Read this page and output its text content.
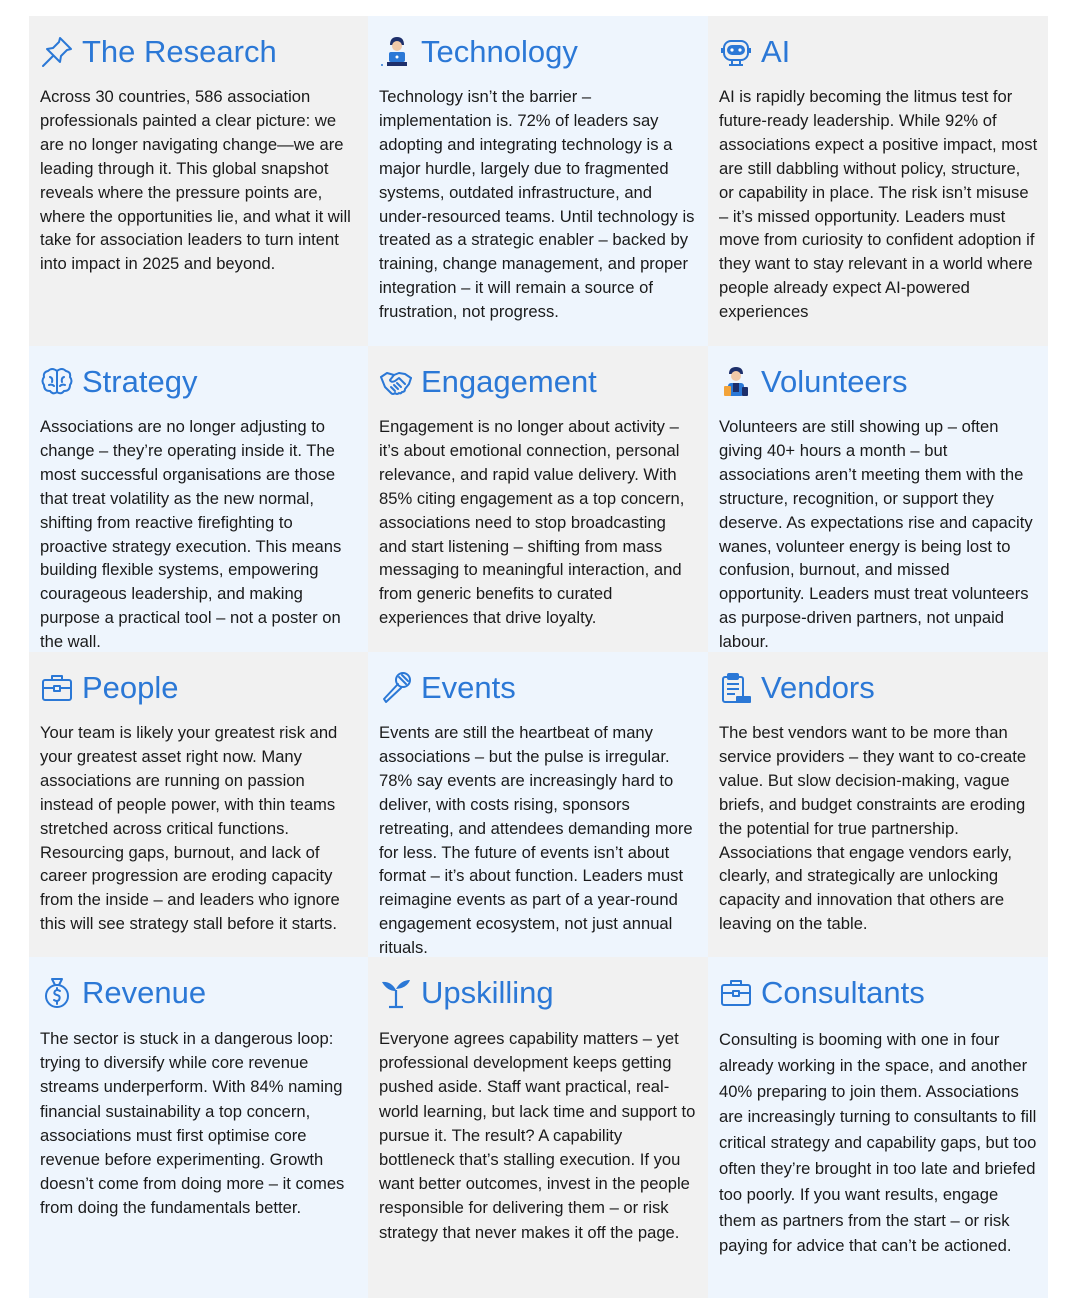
The Research

Across 30 countries, 586 association professionals painted a clear picture: we are no longer navigating change—we are leading through it. This global snapshot reveals where the pressure points are, where the opportunities lie, and what it will take for association leaders to turn intent into impact in 2025 and beyond.

Technology

Technology isn’t the barrier – implementation is. 72% of leaders say adopting and integrating technology is a major hurdle, largely due to fragmented systems, outdated infrastructure, and under-resourced teams. Until technology is treated as a strategic enabler – backed by training, change management, and proper integration – it will remain a source of frustration, not progress.

AI

AI is rapidly becoming the litmus test for future-ready leadership. While 92% of associations expect a positive impact, most are still dabbling without policy, structure, or capability in place. The risk isn’t misuse – it’s missed opportunity. Leaders must move from curiosity to confident adoption if they want to stay relevant in a world where people already expect AI-powered experiences

Strategy

Associations are no longer adjusting to change – they’re operating inside it. The most successful organisations are those that treat volatility as the new normal, shifting from reactive firefighting to proactive strategy execution. This means building flexible systems, empowering courageous leadership, and making purpose a practical tool – not a poster on the wall.

Engagement

Engagement is no longer about activity – it’s about emotional connection, personal relevance, and rapid value delivery. With 85% citing engagement as a top concern, associations need to stop broadcasting and start listening – shifting from mass messaging to meaningful interaction, and from generic benefits to curated experiences that drive loyalty.

Volunteers

Volunteers are still showing up – often giving 40+ hours a month – but associations aren’t meeting them with the structure, recognition, or support they deserve. As expectations rise and capacity wanes, volunteer energy is being lost to confusion, burnout, and missed opportunity. Leaders must treat volunteers as purpose-driven partners, not unpaid labour.

People

Your team is likely your greatest risk and your greatest asset right now. Many associations are running on passion instead of people power, with thin teams stretched across critical functions. Resourcing gaps, burnout, and lack of career progression are eroding capacity from the inside – and leaders who ignore this will see strategy stall before it starts.

Events

Events are still the heartbeat of many associations – but the pulse is irregular. 78% say events are increasingly hard to deliver, with costs rising, sponsors retreating, and attendees demanding more for less. The future of events isn’t about format – it’s about function. Leaders must reimagine events as part of a year-round engagement ecosystem, not just annual rituals.

Vendors

The best vendors want to be more than service providers – they want to co-create value. But slow decision-making, vague briefs, and budget constraints are eroding the potential for true partnership. Associations that engage vendors early, clearly, and strategically are unlocking capacity and innovation that others are leaving on the table.

Revenue

The sector is stuck in a dangerous loop: trying to diversify while core revenue streams underperform. With 84% naming financial sustainability a top concern, associations must first optimise core revenue before experimenting. Growth doesn’t come from doing more – it comes from doing the fundamentals better.

Upskilling

Everyone agrees capability matters – yet professional development keeps getting pushed aside. Staff want practical, real-world learning, but lack time and support to pursue it. The result? A capability bottleneck that’s stalling execution. If you want better outcomes, invest in the people responsible for delivering them – or risk strategy that never makes it off the page.

Consultants

Consulting is booming with one in four already working in the space, and another 40% preparing to join them. Associations are increasingly turning to consultants to fill critical strategy and capability gaps, but too often they’re brought in too late and briefed too poorly. If you want results, engage them as partners from the start – or risk paying for advice that can’t be actioned.
